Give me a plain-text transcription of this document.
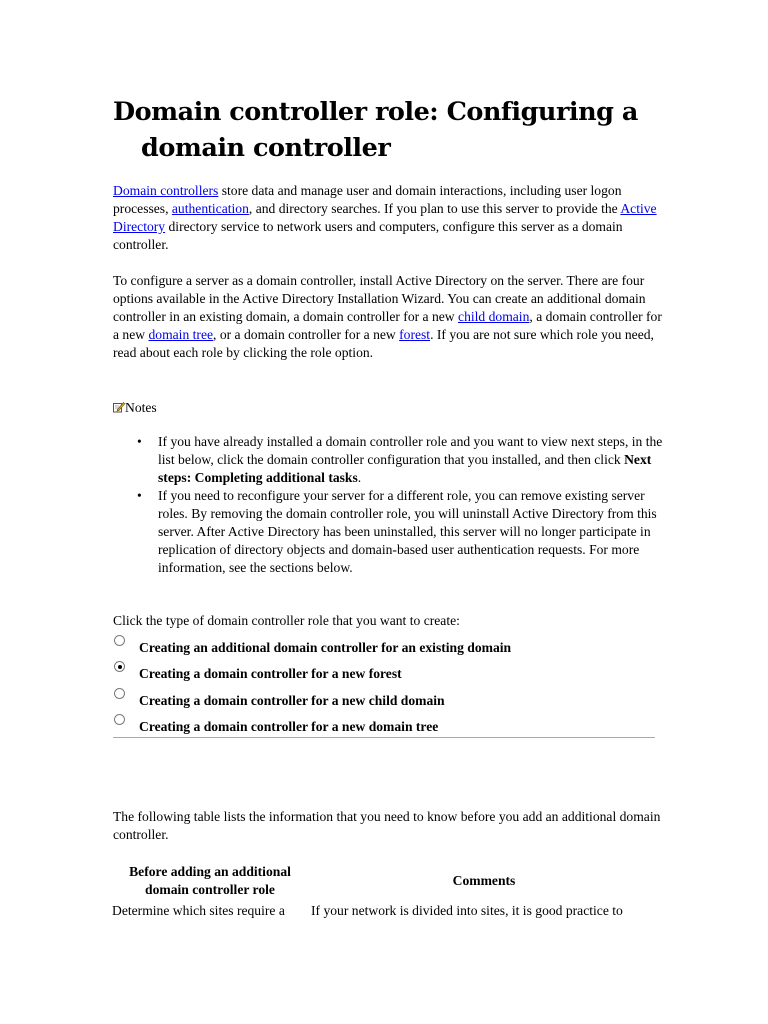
Domain controller role: Configuring a
domain controller

Domain controllers store data and manage user and domain interactions, including user logon processes, authentication, and directory searches. If you plan to use this server to provide the Active Directory directory service to network users and computers, configure this server as a domain controller.

To configure a server as a domain controller, install Active Directory on the server. There are four options available in the Active Directory Installation Wizard. You can create an additional domain controller in an existing domain, a domain controller for a new child domain, a domain controller for a new domain tree, or a domain controller for a new forest. If you are not sure which role you need, read about each role by clicking the role option.

Notes
• If you have already installed a domain controller role and you want to view next steps, in the list below, click the domain controller configuration that you installed, and then click Next steps: Completing additional tasks.
• If you need to reconfigure your server for a different role, you can remove existing server roles. By removing the domain controller role, you will uninstall Active Directory from this server. After Active Directory has been uninstalled, this server will no longer participate in replication of directory objects and domain-based user authentication requests. For more information, see the sections below.

Click the type of domain controller role that you want to create:

Creating an additional domain controller for an existing domain
Creating a domain controller for a new forest
Creating a domain controller for a new child domain
Creating a domain controller for a new domain tree

The following table lists the information that you need to know before you add an additional domain controller.

Before adding an additional domain controller role
Comments
Determine which sites require a If your network is divided into sites, it is good practice to
